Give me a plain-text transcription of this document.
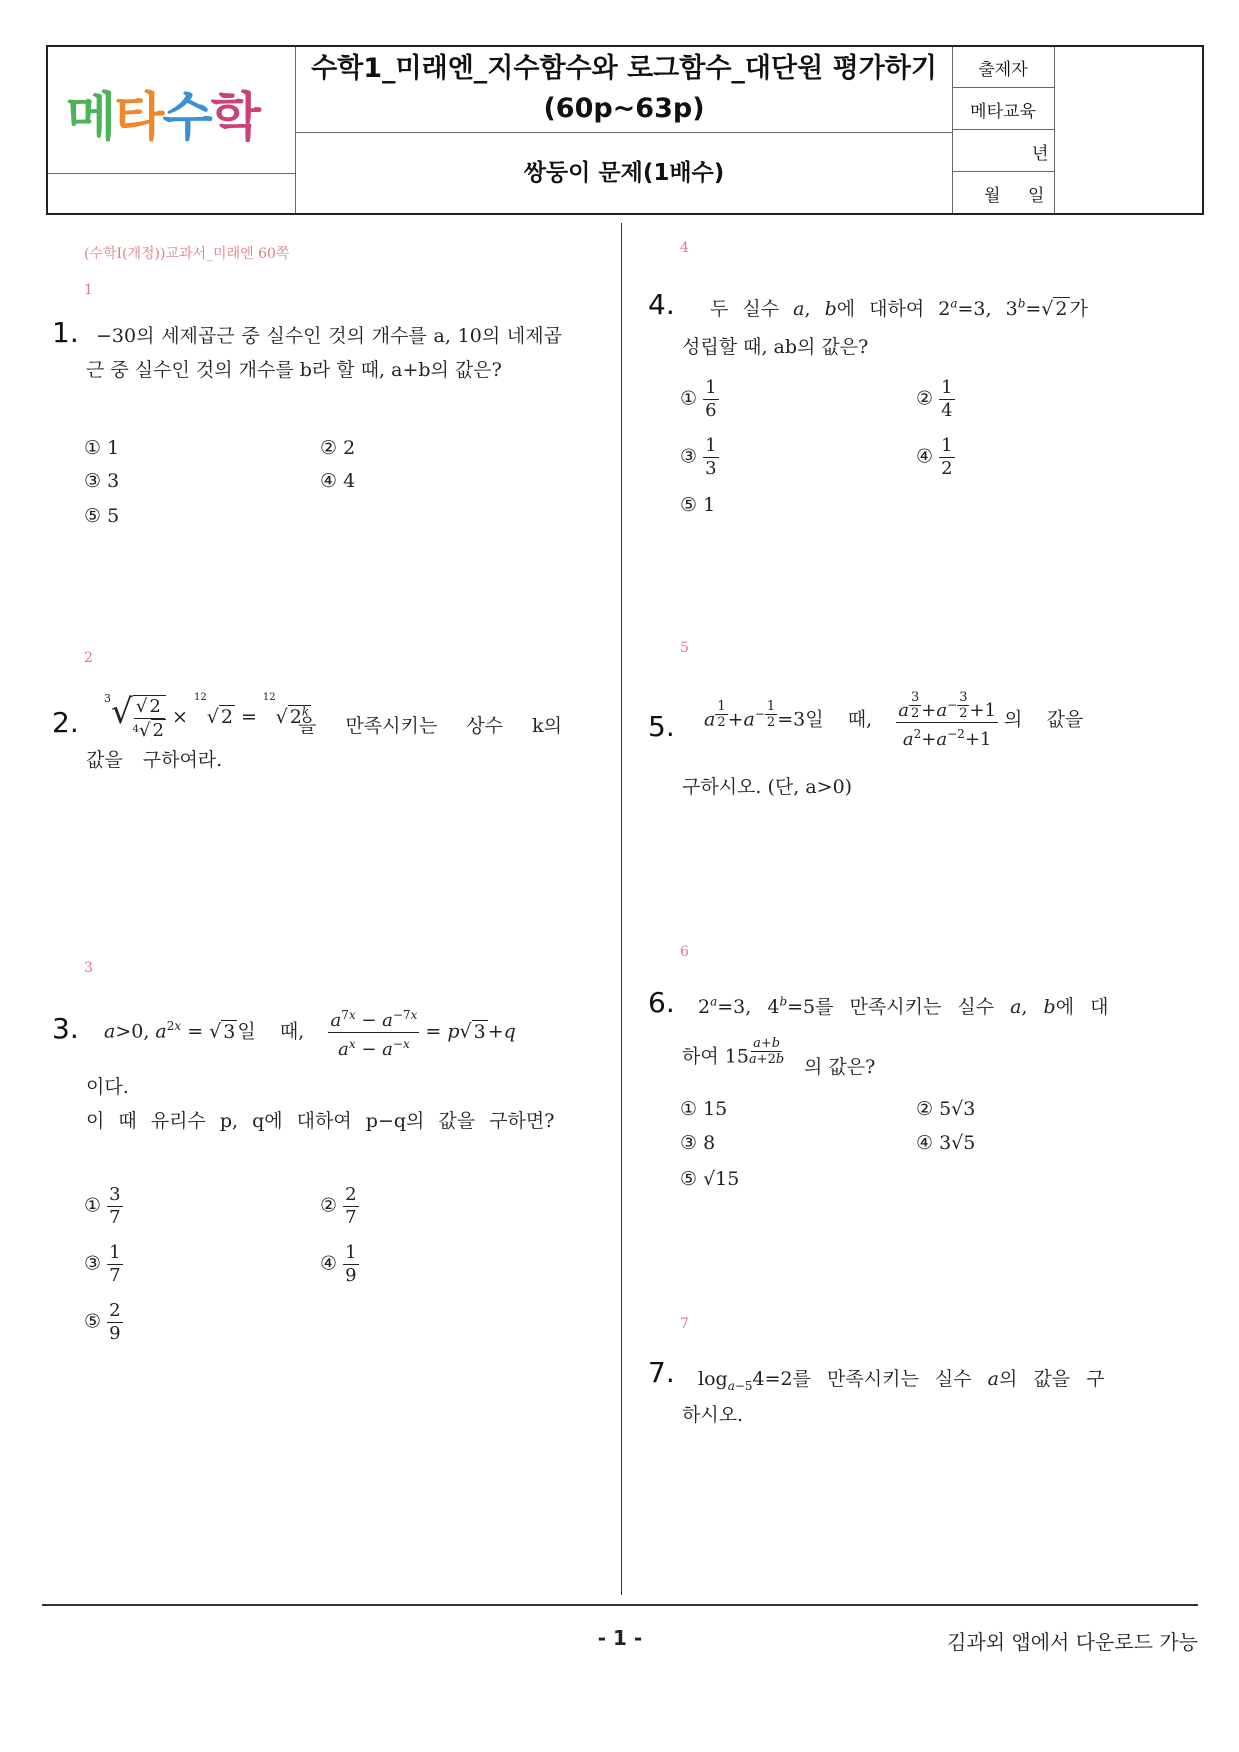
메타수학
수학1_미래엔_지수함수와 로그함수_대단원 평가하기
(60p~63p)
쌍둥이 문제(1배수)
출제자
메타교육
년
월 일
(수학I(개정))교과서_미래엔 60쪽
1
1. −30의 세제곱근 중 실수인 것의 개수를 a, 10의 네제곱근 중 실수인 것의 개수를 b라 할 때, a+b의 값은?
① 1	② 2
③ 3	④ 4
⑤ 5
2
2.
$^3√ \frac{√ 2}{^4√ 2} \times ^{12}√$ 2 = $^{12}$√ 2$^k$
을 만족시키는 상수 k의 값을 구하여라.
3
3. a>0, $a^{2x}$ = √ 3 일    때, $\frac{a^{7x} - a^{-7x}}{a^x - a^{-x}} = p√$ 3 +q
이다.
이 때 유리수 p, q에 대하여 p−q의 값을 구하면?
① $\frac{3}{7}$	② $\frac{2}{7}$
③ $\frac{1}{7}$	④ $\frac{1}{9}$
⑤ $\frac{2}{9}$
4
4. 두 실수 a, b에 대하여 $2^a=3$, $3^b=√$ 2 가
성립할 때, ab의 값은?
① $\frac{1}{6}$	② $\frac{1}{4}$
③ $\frac{1}{3}$	④ $\frac{1}{2}$
⑤ 1
5
5. a $^{\frac{1}{2}} +a^{- \frac{1}{2}} =3$일    때, a $^{\frac{3}{2}} +a^{- \frac{3}{2}} +1$
$a^2+a^{-2}+1$ 의    값을
구하시오. (단, a>0)
6
6. $2^a=3$, $4^b=5$를 만족시키는 실수 a, b에 대
하여 15 $^{\frac{a+b}{a+2b}}$ 의 값은?
① 15	② 5√3
③ 8	④ 3√5
⑤ √15
7
7. $\log_{a-5}4=2$를 만족시키는 실수 a의 값을 구
하시오.
- 1 -	김과외 앱에서 다운로드 가능
